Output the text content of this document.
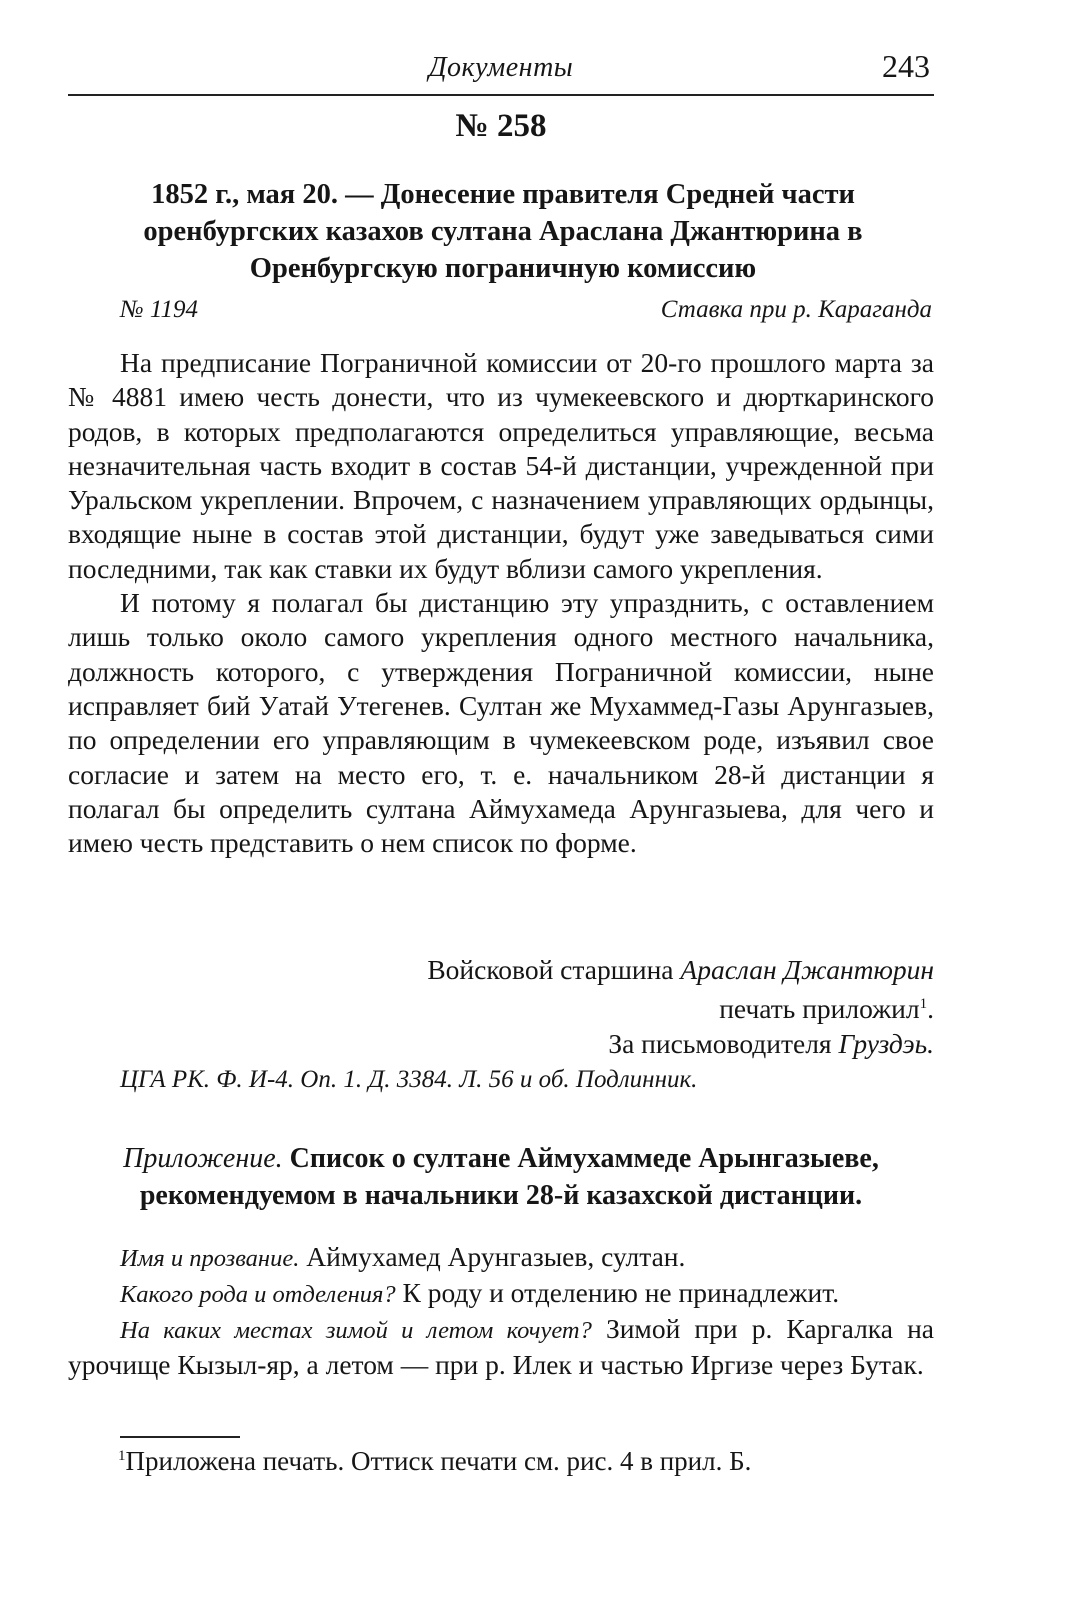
Документы	243
№ 258
1852 г., мая 20. — Донесение правителя Средней части оренбургских казахов султана Араслана Джантюрина в Оренбургскую пограничную комиссию
№ 1194	Ставка при р. Караганда

На предписание Пограничной комиссии от 20-го прошлого марта за № 4881 имею честь донести, что из чумекеевского и дюрткаринского родов, в которых предполагаются определиться управляющие, весьма незначительная часть входит в состав 54-й дистанции, учрежденной при Уральском укреплении. Впрочем, с назначением управляющих ордынцы, входящие ныне в состав этой дистанции, будут уже заведываться сими последними, так как ставки их будут вблизи самого укрепления.

И потому я полагал бы дистанцию эту упразднить, с оставлением лишь только около самого укрепления одного местного начальника, должность которого, с утверждения Пограничной комиссии, ныне исправляет бий Уатай Утегенев. Султан же Мухаммед-Газы Арунгазыев, по определении его управляющим в чумекеевском роде, изъявил свое согласие и затем на место его, т. е. начальником 28-й дистанции я полагал бы определить султана Аймухамеда Арунгазыева, для чего и имею честь представить о нем список по форме.

Войсковой старшина Араслан Джантюрин
печать приложил$^1$.
За письмоводителя Груздэь.
ЦГА РК. Ф. И-4. Оп. 1. Д. 3384. Л. 56 и об. Подлинник.
Приложение. Список о султане Аймухаммеде Арынгазыеве, рекомендуемом в начальники 28-й казахской дистанции.

Имя и прозвание. Аймухамед Арунгазыев, султан.

Какого рода и отделения? К роду и отделению не принадлежит.

На каких местах зимой и летом кочует? Зимой при р. Каргалка на урочище Кызыл-яр, а летом — при р. Илек и частью Иргизе через Бутак.

$^1$Приложена печать. Оттиск печати см. рис. 4 в прил. Б.
